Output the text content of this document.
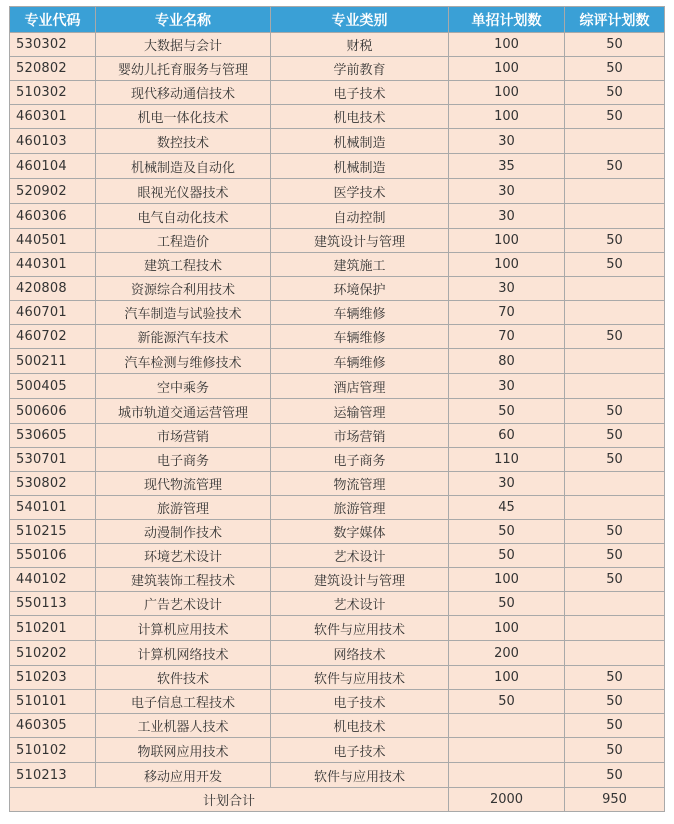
专业代码	专业名称	专业类别	单招计划数	综评计划数
530302	大数据与会计	财税	100	50
520802	婴幼儿托育服务与管理	学前教育	100	50
510302	现代移动通信技术	电子技术	100	50
460301	机电一体化技术	机电技术	100	50
460103	数控技术	机械制造	30	
460104	机械制造及自动化	机械制造	35	50
520902	眼视光仪器技术	医学技术	30	
460306	电气自动化技术	自动控制	30	
440501	工程造价	建筑设计与管理	100	50
440301	建筑工程技术	建筑施工	100	50
420808	资源综合利用技术	环境保护	30	
460701	汽车制造与试验技术	车辆维修	70	
460702	新能源汽车技术	车辆维修	70	50
500211	汽车检测与维修技术	车辆维修	80	
500405	空中乘务	酒店管理	30	
500606	城市轨道交通运营管理	运输管理	50	50
530605	市场营销	市场营销	60	50
530701	电子商务	电子商务	110	50
530802	现代物流管理	物流管理	30	
540101	旅游管理	旅游管理	45	
510215	动漫制作技术	数字媒体	50	50
550106	环境艺术设计	艺术设计	50	50
440102	建筑装饰工程技术	建筑设计与管理	100	50
550113	广告艺术设计	艺术设计	50	
510201	计算机应用技术	软件与应用技术	100	
510202	计算机网络技术	网络技术	200	
510203	软件技术	软件与应用技术	100	50
510101	电子信息工程技术	电子技术	50	50
460305	工业机器人技术	机电技术		50
510102	物联网应用技术	电子技术		50
510213	移动应用开发	软件与应用技术		50
计划合计			2000	950
